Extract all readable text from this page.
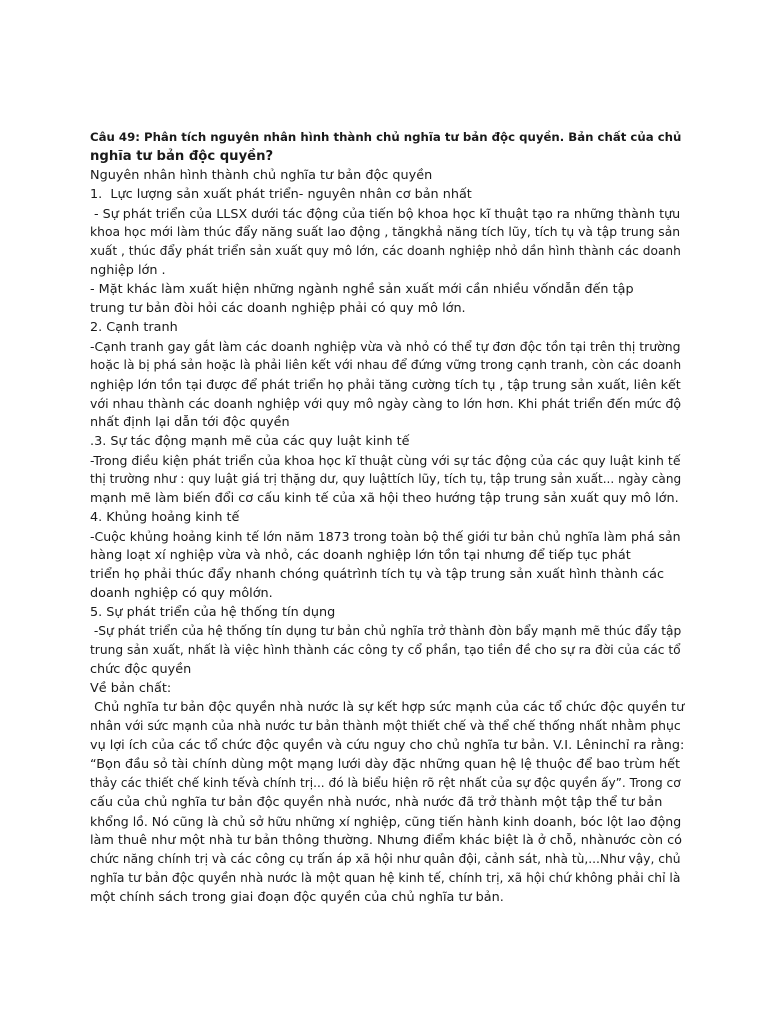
Câu 49: Phân tích nguyên nhân hình thành chủ nghĩa tư bản độc quyền. Bản chất của chủ
nghĩa tư bản độc quyền?
Nguyên nhân hình thành chủ nghĩa tư bản độc quyền
1.  Lực lượng sản xuất phát triển- nguyên nhân cơ bản nhất
- Sự phát triển của LLSX dưới tác động của tiến bộ khoa học kĩ thuật tạo ra những thành tựu
khoa học mới làm thúc đẩy năng suất lao động , tăngkhả năng tích lũy, tích tụ và tập trung sản
xuất , thúc đẩy phát triển sản xuất quy mô lớn, các doanh nghiệp nhỏ dần hình thành các doanh
nghiệp lớn .
- Mặt khác làm xuất hiện những ngành nghề sản xuất mới cần nhiều vốndẫn đến tập
trung tư bản đòi hỏi các doanh nghiệp phải có quy mô lớn.
2. Cạnh tranh
-Cạnh tranh gay gắt làm các doanh nghiệp vừa và nhỏ có thể tự đơn độc tồn tại trên thị trường
hoặc là bị phá sản hoặc là phải liên kết với nhau để đứng vững trong cạnh tranh, còn các doanh
nghiệp lớn tồn tại được để phát triển họ phải tăng cường tích tụ , tập trung sản xuất, liên kết
với nhau thành các doanh nghiệp với quy mô ngày càng to lớn hơn. Khi phát triển đến mức độ
nhất định lại dẫn tới độc quyền
.3. Sự tác động mạnh mẽ của các quy luật kinh tế
-Trong điều kiện phát triển của khoa học kĩ thuật cùng với sự tác động của các quy luật kinh tế
thị trường như : quy luật giá trị thặng dư, quy luậttích lũy, tích tụ, tập trung sản xuất... ngày càng
mạnh mẽ làm biến đổi cơ cấu kinh tế của xã hội theo hướng tập trung sản xuất quy mô lớn.
4. Khủng hoảng kinh tế
-Cuộc khủng hoảng kinh tế lớn năm 1873 trong toàn bộ thế giới tư bản chủ nghĩa làm phá sản
hàng loạt xí nghiệp vừa và nhỏ, các doanh nghiệp lớn tồn tại nhưng để tiếp tục phát
triển họ phải thúc đẩy nhanh chóng quátrình tích tụ và tập trung sản xuất hình thành các
doanh nghiệp có quy môlớn.
5. Sự phát triển của hệ thống tín dụng
-Sự phát triển của hệ thống tín dụng tư bản chủ nghĩa trở thành đòn bẩy mạnh mẽ thúc đẩy tập
trung sản xuất, nhất là việc hình thành các công ty cổ phần, tạo tiền đề cho sự ra đời của các tổ
chức độc quyền
Về bản chất:
Chủ nghĩa tư bản độc quyền nhà nước là sự kết hợp sức mạnh của các tổ chức độc quyền tư
nhân với sức mạnh của nhà nước tư bản thành một thiết chế và thể chế thống nhất nhằm phục
vụ lợi ích của các tổ chức độc quyền và cứu nguy cho chủ nghĩa tư bản. V.I. Lêninchỉ ra rằng:
“Bọn đầu sỏ tài chính dùng một mạng lưới dày đặc những quan hệ lệ thuộc để bao trùm hết
thảy các thiết chế kinh tếvà chính trị... đó là biểu hiện rõ rệt nhất của sự độc quyền ấy”. Trong cơ
cấu của chủ nghĩa tư bản độc quyền nhà nước, nhà nước đã trở thành một tập thể tư bản
khổng lồ. Nó cũng là chủ sở hữu những xí nghiệp, cũng tiến hành kinh doanh, bóc lột lao động
làm thuê như một nhà tư bản thông thường. Nhưng điểm khác biệt là ở chỗ, nhànước còn có
chức năng chính trị và các công cụ trấn áp xã hội như quân đội, cảnh sát, nhà tù,...Như vậy, chủ
nghĩa tư bản độc quyền nhà nước là một quan hệ kinh tế, chính trị, xã hội chứ không phải chỉ là
một chính sách trong giai đoạn độc quyền của chủ nghĩa tư bản.
